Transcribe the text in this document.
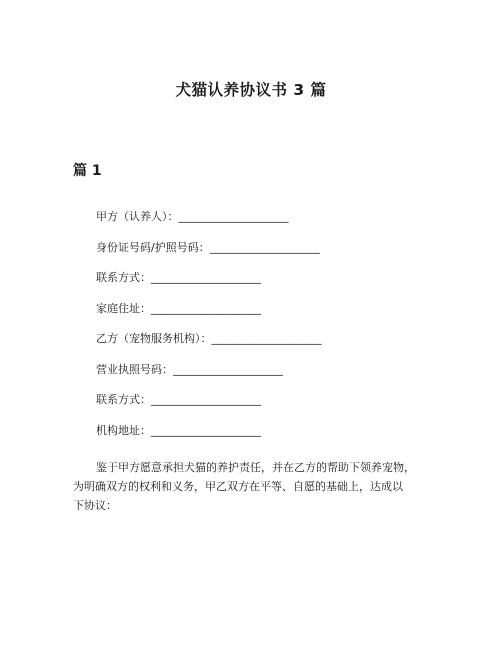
犬猫认养协议书 3 篇
篇 1
甲方（认养人）：____________________
身份证号码/护照号码：____________________
联系方式：____________________
家庭住址：____________________
乙方（宠物服务机构）：____________________
营业执照号码：____________________
联系方式：____________________
机构地址：____________________

鉴于甲方愿意承担犬猫的养护责任，并在乙方的帮助下领养宠物，
为明确双方的权利和义务，甲乙双方在平等、自愿的基础上，达成以
下协议：
